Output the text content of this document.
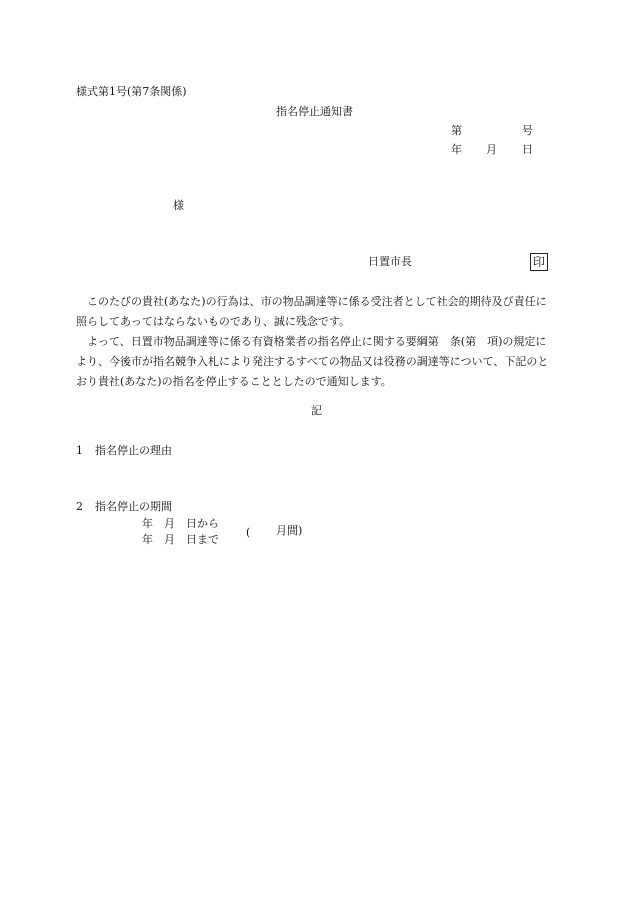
様式第1号(第7条関係)
指名停止通知書
第	号
年 月 日
様
日置市長	印

このたびの貴社(あなた)の行為は、市の物品調達等に係る受注者として社会的期待及び責任に照らしてあってはならないものであり、誠に残念です。

よって、日置市物品調達等に係る有資格業者の指名停止に関する要綱第　条(第　項)の規定により、今後市が指名競争入札により発注するすべての物品又は役務の調達等について、下記のとおり貴社(あなた)の指名を停止することとしたので通知します。

記
1 指名停止の理由
2 指名停止の期間
年　月　日から
年　月　日まで
( 月間)
